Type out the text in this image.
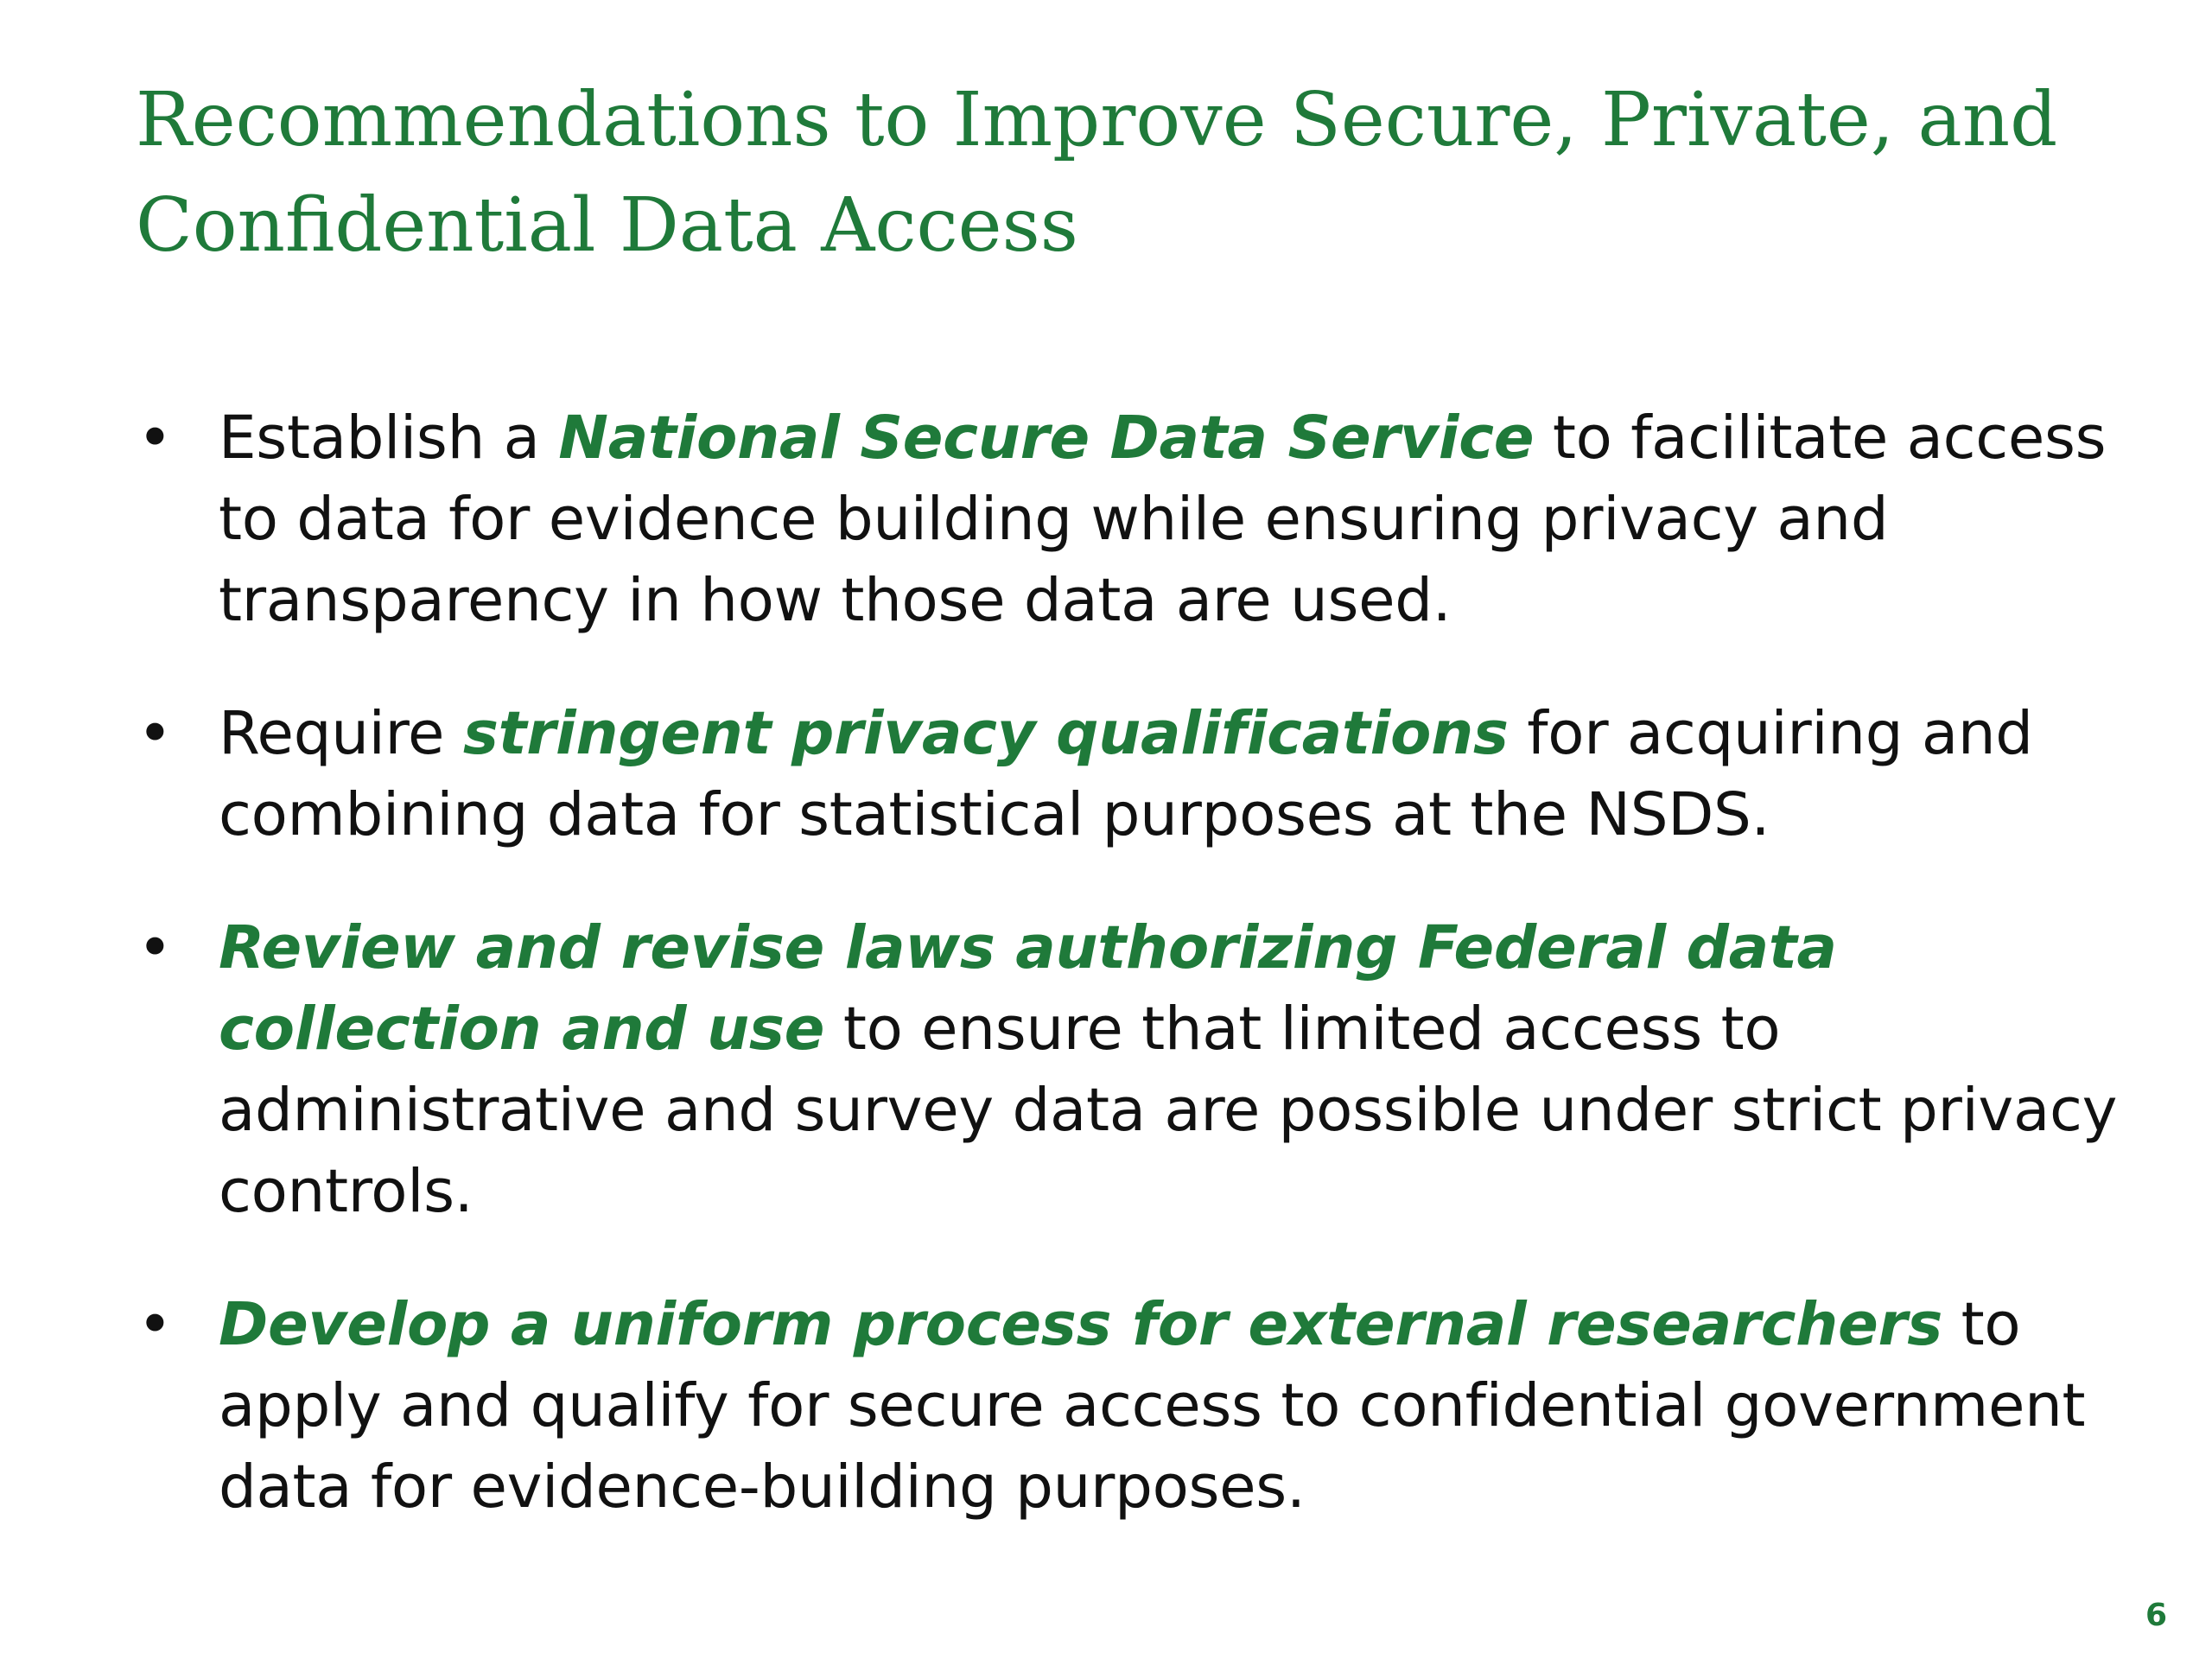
Recommendations to Improve Secure, Private, and Confidential Data Access
• Establish a National Secure Data Service to facilitate access to data for evidence building while ensuring privacy and transparency in how those data are used.
• Require stringent privacy qualifications for acquiring and combining data for statistical purposes at the NSDS.
• Review and revise laws authorizing Federal data collection and use to ensure that limited access to administrative and survey data are possible under strict privacy controls.
• Develop a uniform process for external researchers to apply and qualify for secure access to confidential government data for evidence-building purposes.
6
